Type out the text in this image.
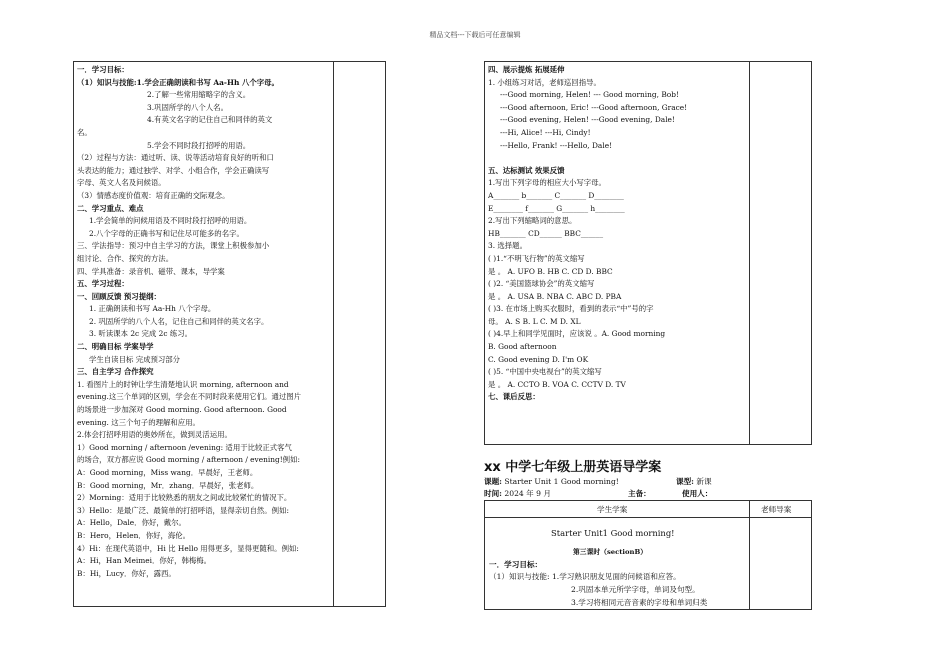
精品文档---下载后可任意编辑
一．学习目标：
（1）知识与技能:1.学会正确朗读和书写 Aa-Hh 八个字母。
2.了解一些常用缩略字的含义。
3.巩固所学的八个人名。
4.有英文名字的记住自己和同伴的英文
名。
5.学会不同时段打招呼的用语。
（2）过程与方法：通过听、读、说等活动培育良好的听和口
头表达的能力；通过独学、对学、小组合作，学会正确读写
字母、英文人名及问候语。
（3）情感态度价值观：培育正确的交际观念。
二、学习重点、难点
1.学会简单的问候用语及不同时段打招呼的用语。
2.八个字母的正确书写和记住尽可能多的名字。
三、学法指导：预习中自主学习的方法，课堂上积极参加小
组讨论、合作、探究的方法。
四、学具准备：录音机、磁带、课本，导学案
五、学习过程：
一、回顾反馈 预习提纲：
1. 正确朗读和书写 Aa-Hh 八个字母。
2. 巩固所学的八个人名，记住自己和同伴的英文名字。
3. 听读课本 2c 完成 2c 练习。
二、明确目标 学案导学
学生自读目标 完成预习部分
三、自主学习 合作探究
1. 看图片上的时钟让学生清楚地认识 morning, afternoon and
evening.这三个单词的区别，学会在不同时段来使用它们。通过图片
的场景进一步加深对 Good morning. Good afternoon. Good
evening. 这三个句子的理解和应用。
2.体会打招呼用语的奥妙所在，做到灵活运用。
1）Good morning / afternoon /evening: 适用于比较正式客气
的场合，双方都应说 Good morning / afternoon / evening!例如:
A：Good morning，Miss wang．早晨好，王老师。
B：Good morning，Mr．zhang．早晨好，张老师。
2）Morning：适用于比较熟悉的朋友之间或比较紧忙的情况下。
3）Hello：是最广泛、最简单的打招呼语，显得亲切自然。例如:
A：Hello，Dale．你好，戴尔。
B：Hero，Helen．你好，海伦。
4）Hi：在现代英语中，Hi 比 Hello 用得更多，显得更随和。例如:
A：Hi，Han Meimei．你好，韩梅梅。
B：Hi，Lucy．你好，露西。
四、展示提炼 拓展延伸
1. 小组练习对话，老师巡回指导。
---Good morning, Helen! --- Good morning, Bob!
---Good afternoon, Eric! ---Good afternoon, Grace!
---Good evening, Helen! ---Good evening, Dale!
---Hi, Alice! ---Hi, Cindy!
---Hello, Frank! ---Hello, Dale!
五、达标测试 效果反馈
1.写出下列字母的相应大小写字母。
A_______ b_______ C_______ D________
E________ f_______ G_______ h________
2.写出下列缩略词的意思。
HB_______ CD______ BBC______
3. 选择题。
( )1.“不明飞行物”的英文缩写
是 。 A. UFO B. HB C. CD D. BBC
( )2. “美国篮球协会”的英文缩写
是 。 A. USA B. NBA C. ABC D. PBA
( )3. 在市场上购买衣服时，看到的表示“中”号的字
母。 A. S B. L C. M D. XL
( )4.早上和同学见面时，应该说 。A. Good morning
B. Good afternoon
C. Good evening D. I'm OK
( )5. “中国中央电视台”的英文缩写
是 。 A. CCTO B. VOA C. CCTV D. TV
七、课后反思：
xx 中学七年级上册英语导学案
课题: Starter Unit 1 Good morning!	课型: 新课
时间: 2024 年 9 月	主备：	使用人：
学生学案	老师导案
Starter Unit1 Good morning!
第三课时（sectionB）
一．学习目标：
（1）知识与技能: 1.学习熟识朋友见面的问候语和应答。
2.巩固本单元所学字母，单词及句型。
3.学习将相同元音音素的字母和单词归类
